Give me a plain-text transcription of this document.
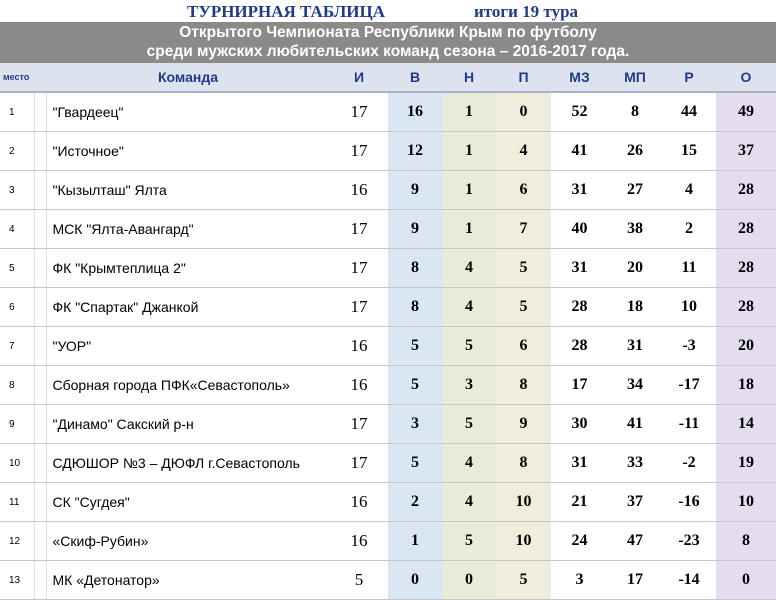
ТУРНИРНАЯ ТАБЛИЦА	итоги 19 тура
Открытого Чемпионата Республики Крым по футболу
среди мужских любительских команд сезона – 2016-2017 года.
место		Команда	И	В	Н	П	МЗ	МП	Р	О
1		"Гвардеец"	17	16	1	0	52	8	44	49
2		"Источное"	17	12	1	4	41	26	15	37
3		"Кызылташ" Ялта	16	9	1	6	31	27	4	28
4		МСК "Ялта-Авангард"	17	9	1	7	40	38	2	28
5		ФК "Крымтеплица 2"	17	8	4	5	31	20	11	28
6		ФК "Спартак" Джанкой	17	8	4	5	28	18	10	28
7		"УОР"	16	5	5	6	28	31	-3	20
8		Сборная города ПФК«Севастополь»	16	5	3	8	17	34	-17	18
9		"Динамо" Сакский р-н	17	3	5	9	30	41	-11	14
10		СДЮШОР №3 – ДЮФЛ г.Севастополь	17	5	4	8	31	33	-2	19
11		СК "Сугдея"	16	2	4	10	21	37	-16	10
12		«Скиф-Рубин»	16	1	5	10	24	47	-23	8
13		МК «Детонатор»	5	0	0	5	3	17	-14	0
